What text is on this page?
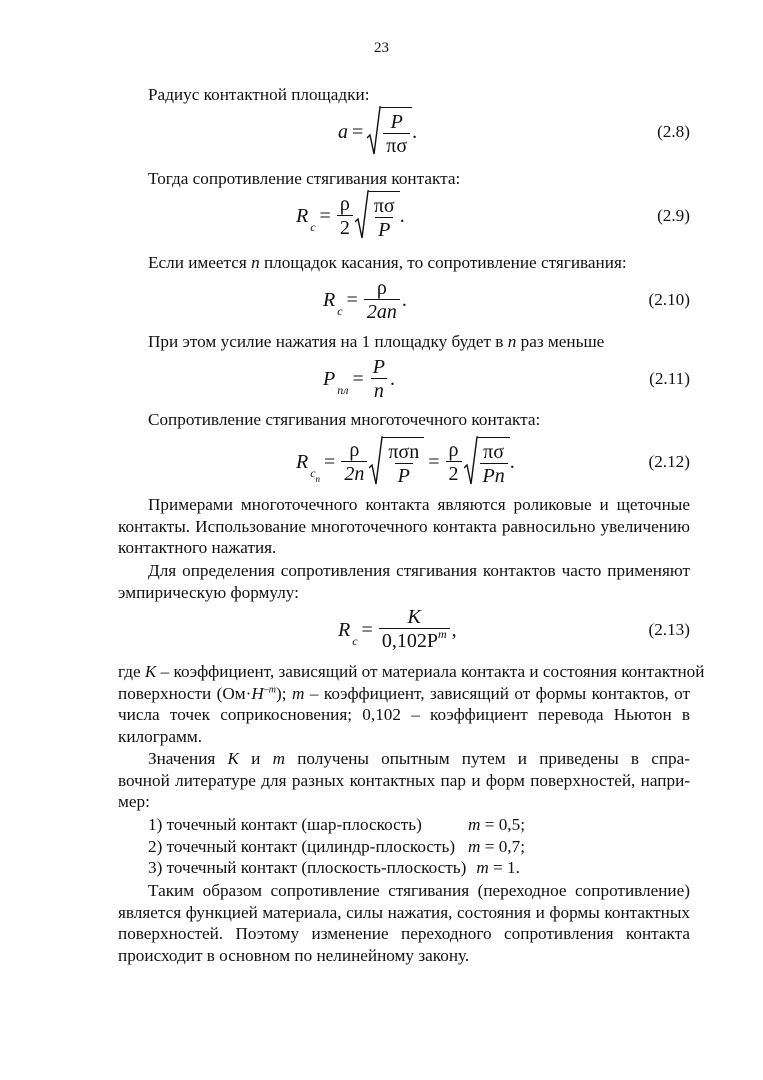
23
Радиус контактной площадки:
$a = \frac{P}{\pi\sigma}$ .	(2.8)
Тогда сопротивление стягивания контакта:
R $c = \frac{\rho}{2} \frac{\pi\sigma}{P}$ .	(2.9)
Если имеется n площадок касания, то сопротивление стягивания:
R $c = \frac{\rho}{2an}$ .	(2.10)
При этом усилие нажатия на 1 площадку будет в n раз меньше
P пл = $\frac{P}{n}$ .	(2.11)
Сопротивление стягивания многоточечного контакта:
R $c_n$
= $\frac{\rho}{2n} \frac{\text{πσn}}{P} = \frac{\rho}{2} \frac{\pi\sigma}{Pn}$ .	(2.12)
Примерами многоточечного контакта являются роликовые и щеточные
контакты. Использование многоточечного контакта равносильно увеличению
контактного нажатия.
Для определения сопротивления стягивания контактов часто применяют
эмпирическую формулу:
R $c = \frac{K}{0,102P^m}$ ,	(2.13)
где K – коэффициент, зависящий от материала контакта и состояния контактной
поверхности $(Ом\cdot H^{-m})$; m – коэффициент, зависящий от формы контактов, от
числа точек соприкосновения; 0,102 – коэффициент перевода Ньютон в
килограмм.
Значения K и m получены опытным путем и приведены в спра-
вочной литературе для разных контактных пар и форм поверхностей, напри-
мер:
1) точечный контакт (шар-плоскость)	m = 0,5;
2) точечный контакт (цилиндр-плоскость) m = 0,7;
3) точечный контакт (плоскость-плоскость) m = 1.
Таким образом сопротивление стягивания (переходное сопротивление)
является функцией материала, силы нажатия, состояния и формы контактных
поверхностей. Поэтому изменение переходного сопротивления контакта
происходит в основном по нелинейному закону.
